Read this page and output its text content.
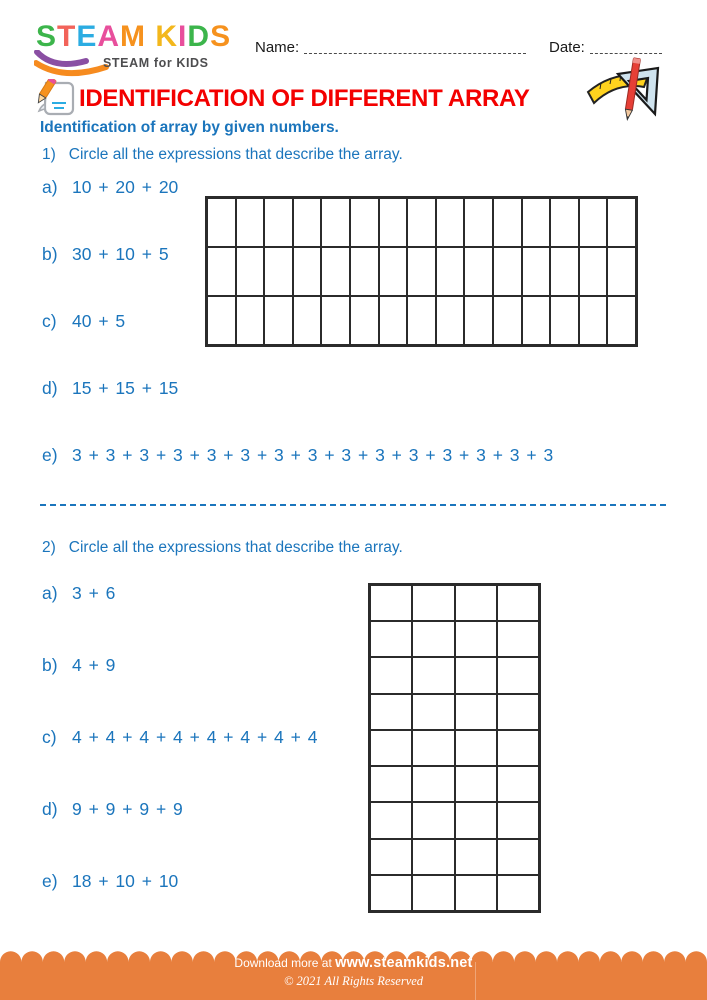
STEAM KIDS
STEAM for KIDS
Name:	Date:
IDENTIFICATION OF DIFFERENT ARRAY
Identification of array by given numbers.
1) Circle all the expressions that describe the array.
a) 10 + 20 + 20
b) 30 + 10 + 5
c) 40 + 5
d) 15 + 15 + 15
e) 3 + 3 + 3 + 3 + 3 + 3 + 3 + 3 + 3 + 3 + 3 + 3 + 3 + 3 + 3
2) Circle all the expressions that describe the array.
a) 3 + 6
b) 4 + 9
c) 4 + 4 + 4 + 4 + 4 + 4 + 4 + 4
d) 9 + 9 + 9 + 9
e) 18 + 10 + 10
Download more at www.steamkids.net
© 2021 All Rights Reserved
